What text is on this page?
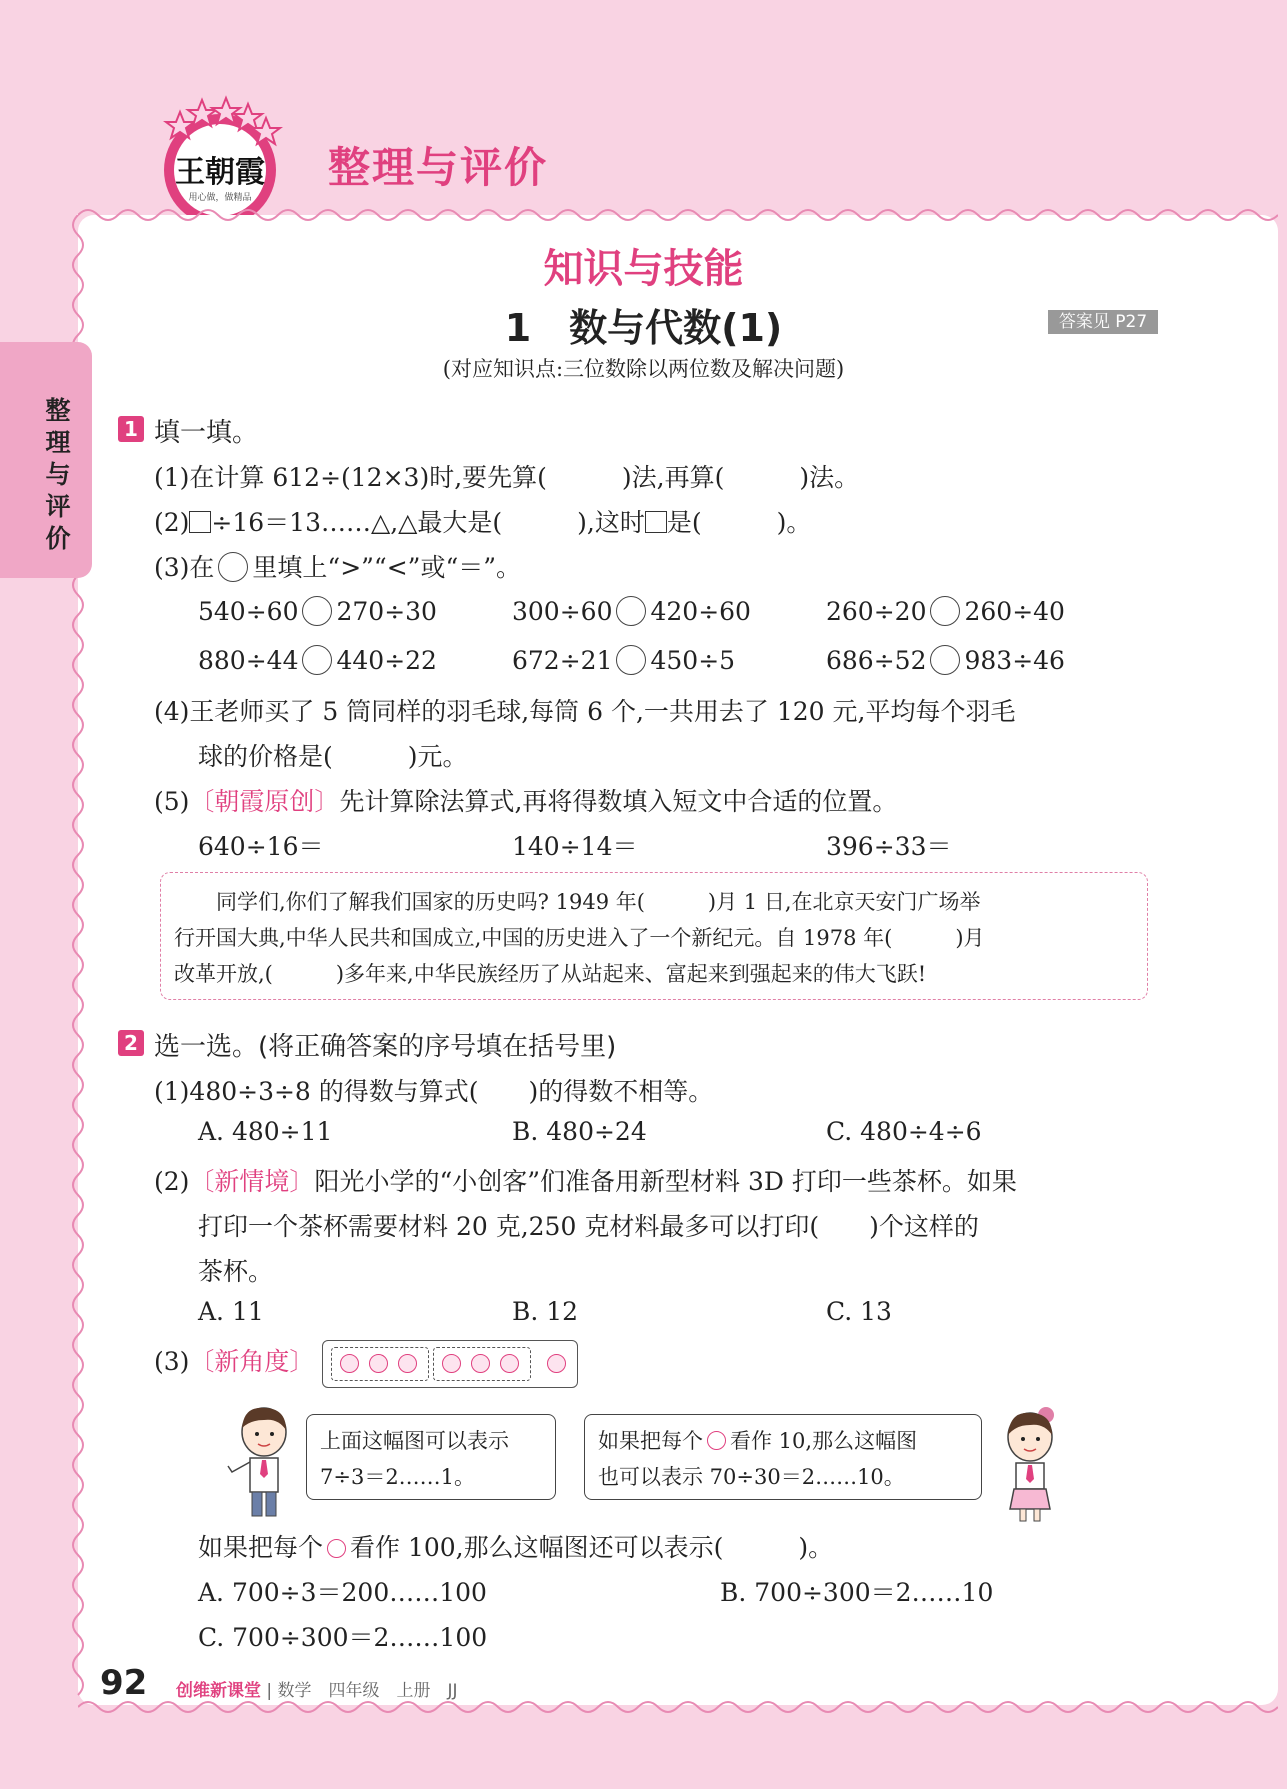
王朝霞
用心做，做精品
整理与评价
整理与评价
知识与技能
1　数与代数(1)	答案见 P27
(对应知识点:三位数除以两位数及解决问题)
1 填一填。
(1)在计算 612÷(12×3)时,要先算(　　　)法,再算(　　　)法。
(2) ÷16＝13……△,△最大是(　　　),这时 是(　　　)。
(3)在 里填上“>”“<”或“＝”。
540÷60 270÷30	300÷60 420÷60	260÷20 260÷40
880÷44 440÷22	672÷21 450÷5	686÷52 983÷46
(4)王老师买了 5 筒同样的羽毛球,每筒 6 个,一共用去了 120 元,平均每个羽毛
球的价格是(　　　)元。
(5)〔朝霞原创〕先计算除法算式,再将得数填入短文中合适的位置。
640÷16＝	140÷14＝	396÷33＝
　　同学们,你们了解我们国家的历史吗? 1949 年(　　　)月 1 日,在北京天安门广场举
行开国大典,中华人民共和国成立,中国的历史进入了一个新纪元。自 1978 年(　　　)月
改革开放,(　　　)多年来,中华民族经历了从站起来、富起来到强起来的伟大飞跃!
2 选一选。(将正确答案的序号填在括号里)
(1)480÷3÷8 的得数与算式(　　)的得数不相等。
A. 480÷11	B. 480÷24	C. 480÷4÷6
(2)〔新情境〕阳光小学的“小创客”们准备用新型材料 3D 打印一些茶杯。如果
打印一个茶杯需要材料 20 克,250 克材料最多可以打印(　　)个这样的
茶杯。
A. 11	B. 12	C. 13
(3)〔新角度〕
上面这幅图可以表示
7÷3＝2……1。
如果把每个 看作 10,那么这幅图
也可以表示 70÷30＝2……10。
如果把每个 看作 100,那么这幅图还可以表示(　　　)。
A. 700÷3＝200……100	B. 700÷300＝2……10
C. 700÷300＝2……100
92 创维新课堂 | 数学　四年级　上册　JJ
